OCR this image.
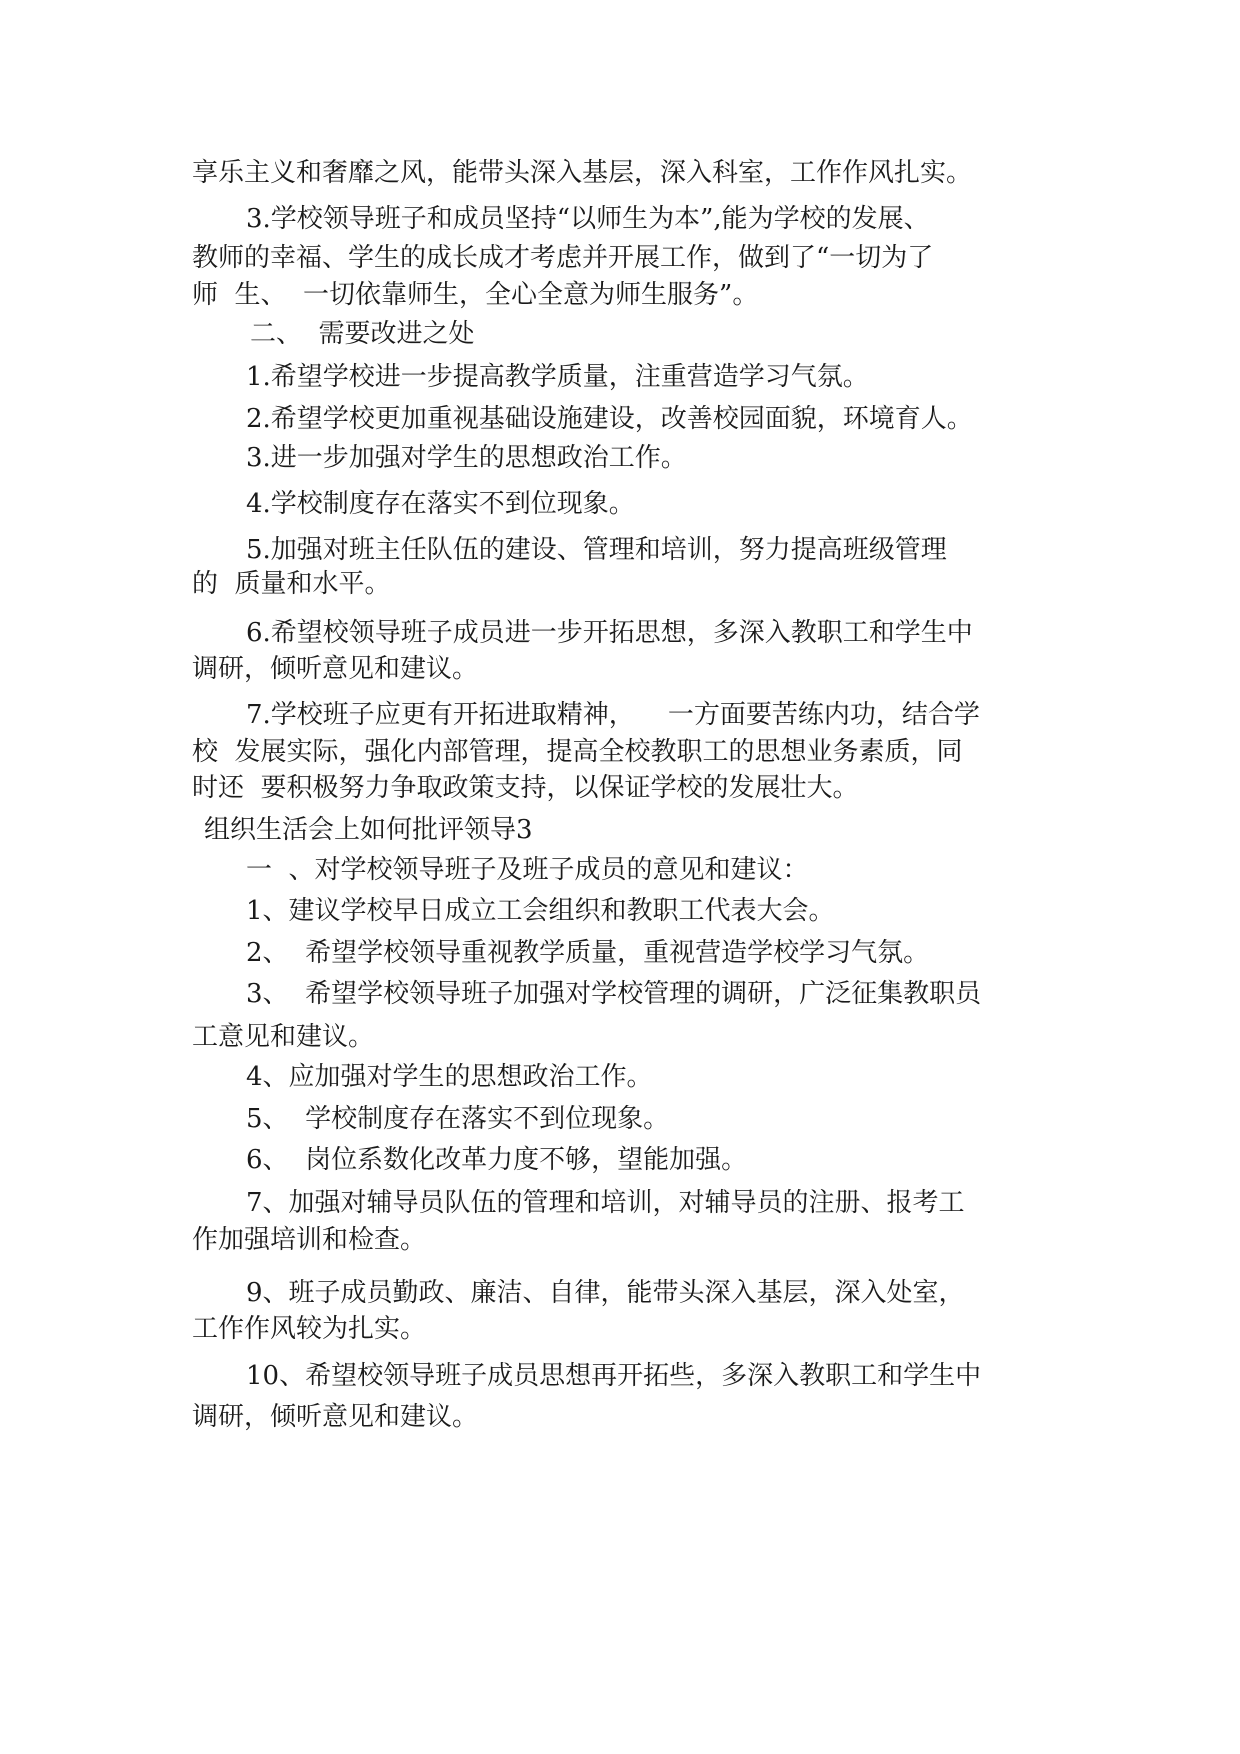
享乐主义和奢靡之风，能带头深入基层，深入科室，工作作风扎实。

3.学校领导班子和成员坚持“以师生为本”,能为学校的发展、

教师的幸福、学生的成长成才考虑并开展工作，做到了“一切为了

师  生、  一切依靠师生，全心全意为师生服务”。

二、  需要改进之处

1.希望学校进一步提高教学质量，注重营造学习气氛。

2.希望学校更加重视基础设施建设，改善校园面貌，环境育人。

3.进一步加强对学生的思想政治工作。

4.学校制度存在落实不到位现象。

5.加强对班主任队伍的建设、管理和培训，努力提高班级管理

的  质量和水平。

6.希望校领导班子成员进一步开拓思想，多深入教职工和学生中

调研，倾听意见和建议。

7.学校班子应更有开拓进取精神，    一方面要苦练内功，结合学

校  发展实际，强化内部管理，提高全校教职工的思想业务素质，同

时还  要积极努力争取政策支持，以保证学校的发展壮大。

组织生活会上如何批评领导3

一  、对学校领导班子及班子成员的意见和建议：

1、建议学校早日成立工会组织和教职工代表大会。

2、  希望学校领导重视教学质量，重视营造学校学习气氛。

3、  希望学校领导班子加强对学校管理的调研，广泛征集教职员

工意见和建议。

4、应加强对学生的思想政治工作。

5、  学校制度存在落实不到位现象。

6、  岗位系数化改革力度不够，望能加强。

7、加强对辅导员队伍的管理和培训，对辅导员的注册、报考工

作加强培训和检查。

9、班子成员勤政、廉洁、自律，能带头深入基层，深入处室，

工作作风较为扎实。

10、希望校领导班子成员思想再开拓些，多深入教职工和学生中

调研，倾听意见和建议。
